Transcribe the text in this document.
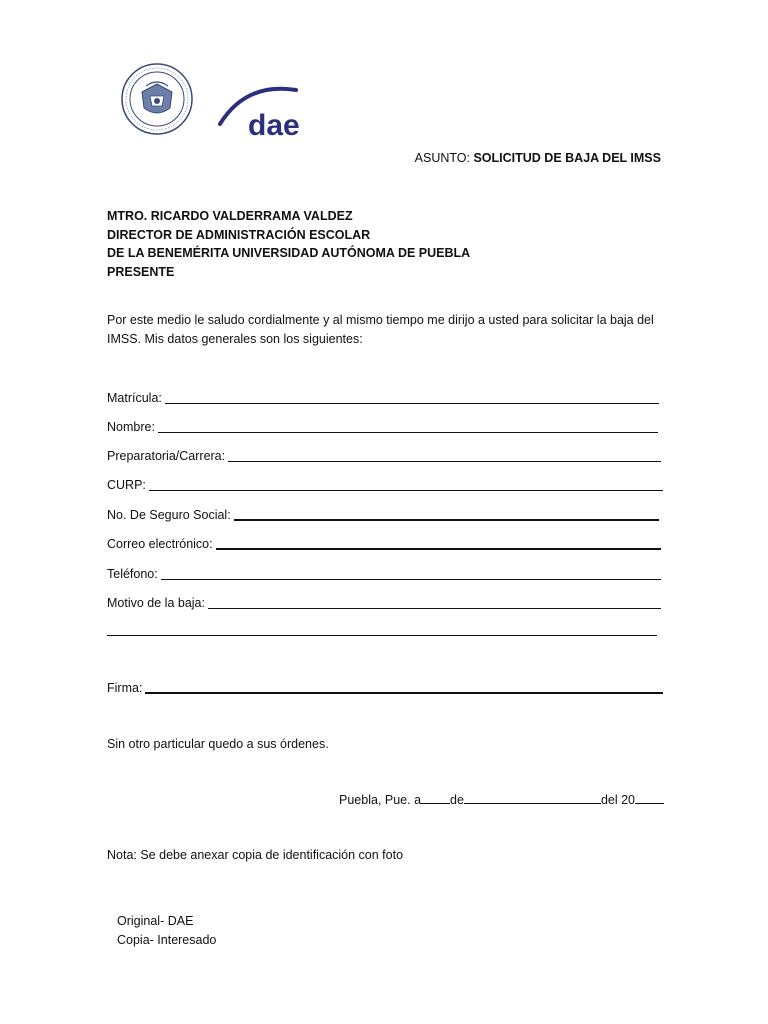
dae
ASUNTO: SOLICITUD DE BAJA DEL IMSS
MTRO. RICARDO VALDERRAMA VALDEZ
DIRECTOR DE ADMINISTRACIÓN ESCOLAR
DE LA BENEMÉRITA UNIVERSIDAD AUTÓNOMA DE PUEBLA
PRESENTE
Por este medio le saludo cordialmente y al mismo tiempo me dirijo a usted para solicitar la baja del
IMSS. Mis datos generales son los siguientes:
Matrícula:
Nombre:
Preparatoria/Carrera:
CURP:
No. De Seguro Social:
Correo electrónico:
Teléfono:
Motivo de la baja:
Firma:
Sin otro particular quedo a sus órdenes.
Puebla, Pue. a de	del 20
Nota: Se debe anexar copia de identificación con foto
Original- DAE
Copia- Interesado
